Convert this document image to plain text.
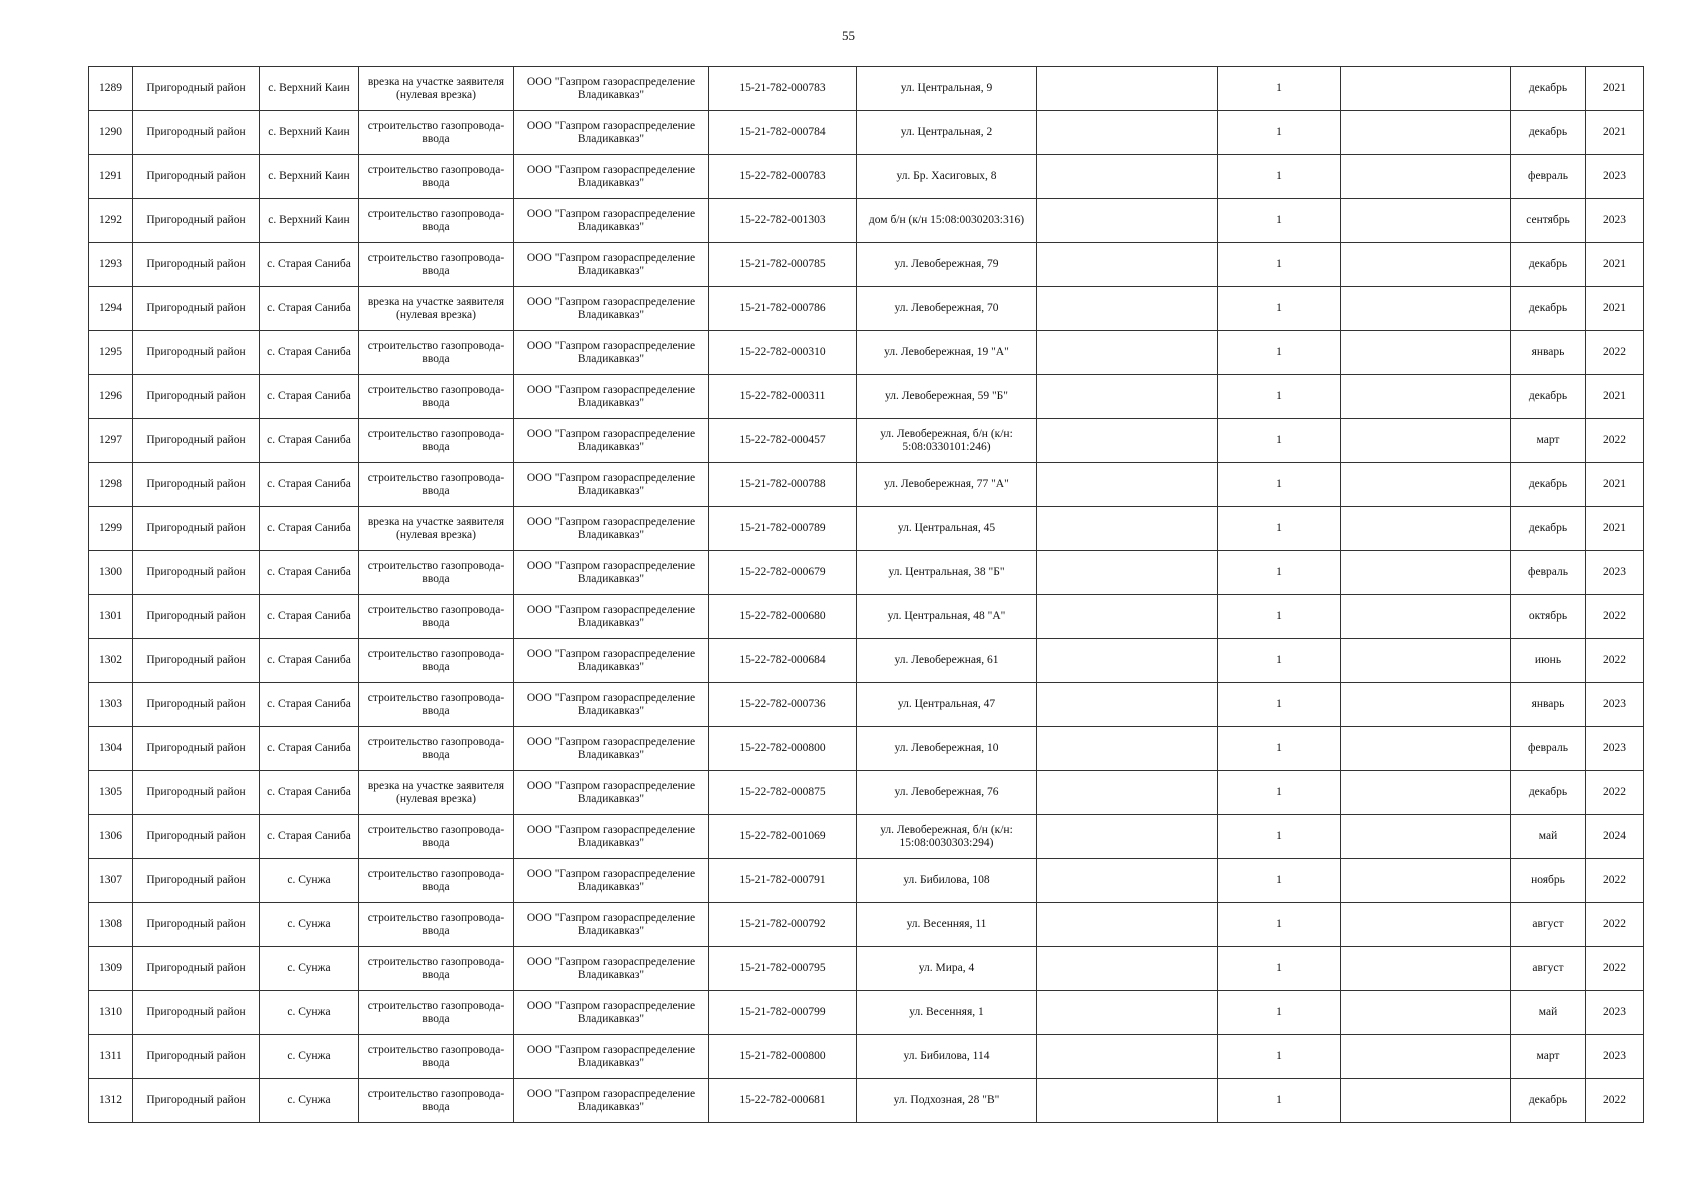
55
1289	Пригородный район	с. Верхний Каин	врезка на участке заявителя (нулевая врезка)	ООО "Газпром газораспределение Владикавказ"	15-21-782-000783	ул. Центральная, 9		1		декабрь	2021
1290	Пригородный район	с. Верхний Каин	строительство газопровода-ввода	ООО "Газпром газораспределение Владикавказ"	15-21-782-000784	ул. Центральная, 2		1		декабрь	2021
1291	Пригородный район	с. Верхний Каин	строительство газопровода-ввода	ООО "Газпром газораспределение Владикавказ"	15-22-782-000783	ул. Бр. Хасиговых, 8		1		февраль	2023
1292	Пригородный район	с. Верхний Каин	строительство газопровода-ввода	ООО "Газпром газораспределение Владикавказ"	15-22-782-001303	дом б/н (к/н 15:08:0030203:316)		1		сентябрь	2023
1293	Пригородный район	с. Старая Саниба	строительство газопровода-ввода	ООО "Газпром газораспределение Владикавказ"	15-21-782-000785	ул. Левобережная, 79		1		декабрь	2021
1294	Пригородный район	с. Старая Саниба	врезка на участке заявителя (нулевая врезка)	ООО "Газпром газораспределение Владикавказ"	15-21-782-000786	ул. Левобережная, 70		1		декабрь	2021
1295	Пригородный район	с. Старая Саниба	строительство газопровода-ввода	ООО "Газпром газораспределение Владикавказ"	15-22-782-000310	ул. Левобережная, 19 "А"		1		январь	2022
1296	Пригородный район	с. Старая Саниба	строительство газопровода-ввода	ООО "Газпром газораспределение Владикавказ"	15-22-782-000311	ул. Левобережная, 59 "Б"		1		декабрь	2021
1297	Пригородный район	с. Старая Саниба	строительство газопровода-ввода	ООО "Газпром газораспределение Владикавказ"	15-22-782-000457	ул. Левобережная, б/н (к/н: 5:08:0330101:246)		1		март	2022
1298	Пригородный район	с. Старая Саниба	строительство газопровода-ввода	ООО "Газпром газораспределение Владикавказ"	15-21-782-000788	ул. Левобережная, 77 "А"		1		декабрь	2021
1299	Пригородный район	с. Старая Саниба	врезка на участке заявителя (нулевая врезка)	ООО "Газпром газораспределение Владикавказ"	15-21-782-000789	ул. Центральная, 45		1		декабрь	2021
1300	Пригородный район	с. Старая Саниба	строительство газопровода-ввода	ООО "Газпром газораспределение Владикавказ"	15-22-782-000679	ул. Центральная, 38 "Б"		1		февраль	2023
1301	Пригородный район	с. Старая Саниба	строительство газопровода-ввода	ООО "Газпром газораспределение Владикавказ"	15-22-782-000680	ул. Центральная, 48 "А"		1		октябрь	2022
1302	Пригородный район	с. Старая Саниба	строительство газопровода-ввода	ООО "Газпром газораспределение Владикавказ"	15-22-782-000684	ул. Левобережная, 61		1		июнь	2022
1303	Пригородный район	с. Старая Саниба	строительство газопровода-ввода	ООО "Газпром газораспределение Владикавказ"	15-22-782-000736	ул. Центральная, 47		1		январь	2023
1304	Пригородный район	с. Старая Саниба	строительство газопровода-ввода	ООО "Газпром газораспределение Владикавказ"	15-22-782-000800	ул. Левобережная, 10		1		февраль	2023
1305	Пригородный район	с. Старая Саниба	врезка на участке заявителя (нулевая врезка)	ООО "Газпром газораспределение Владикавказ"	15-22-782-000875	ул. Левобережная, 76		1		декабрь	2022
1306	Пригородный район	с. Старая Саниба	строительство газопровода-ввода	ООО "Газпром газораспределение Владикавказ"	15-22-782-001069	ул. Левобережная, б/н (к/н: 15:08:0030303:294)		1		май	2024
1307	Пригородный район	с. Сунжа	строительство газопровода-ввода	ООО "Газпром газораспределение Владикавказ"	15-21-782-000791	ул. Бибилова, 108		1		ноябрь	2022
1308	Пригородный район	с. Сунжа	строительство газопровода-ввода	ООО "Газпром газораспределение Владикавказ"	15-21-782-000792	ул. Весенняя, 11		1		август	2022
1309	Пригородный район	с. Сунжа	строительство газопровода-ввода	ООО "Газпром газораспределение Владикавказ"	15-21-782-000795	ул. Мира, 4		1		август	2022
1310	Пригородный район	с. Сунжа	строительство газопровода-ввода	ООО "Газпром газораспределение Владикавказ"	15-21-782-000799	ул. Весенняя, 1		1		май	2023
1311	Пригородный район	с. Сунжа	строительство газопровода-ввода	ООО "Газпром газораспределение Владикавказ"	15-21-782-000800	ул. Бибилова, 114		1		март	2023
1312	Пригородный район	с. Сунжа	строительство газопровода-ввода	ООО "Газпром газораспределение Владикавказ"	15-22-782-000681	ул. Подхозная, 28 "В"		1		декабрь	2022
